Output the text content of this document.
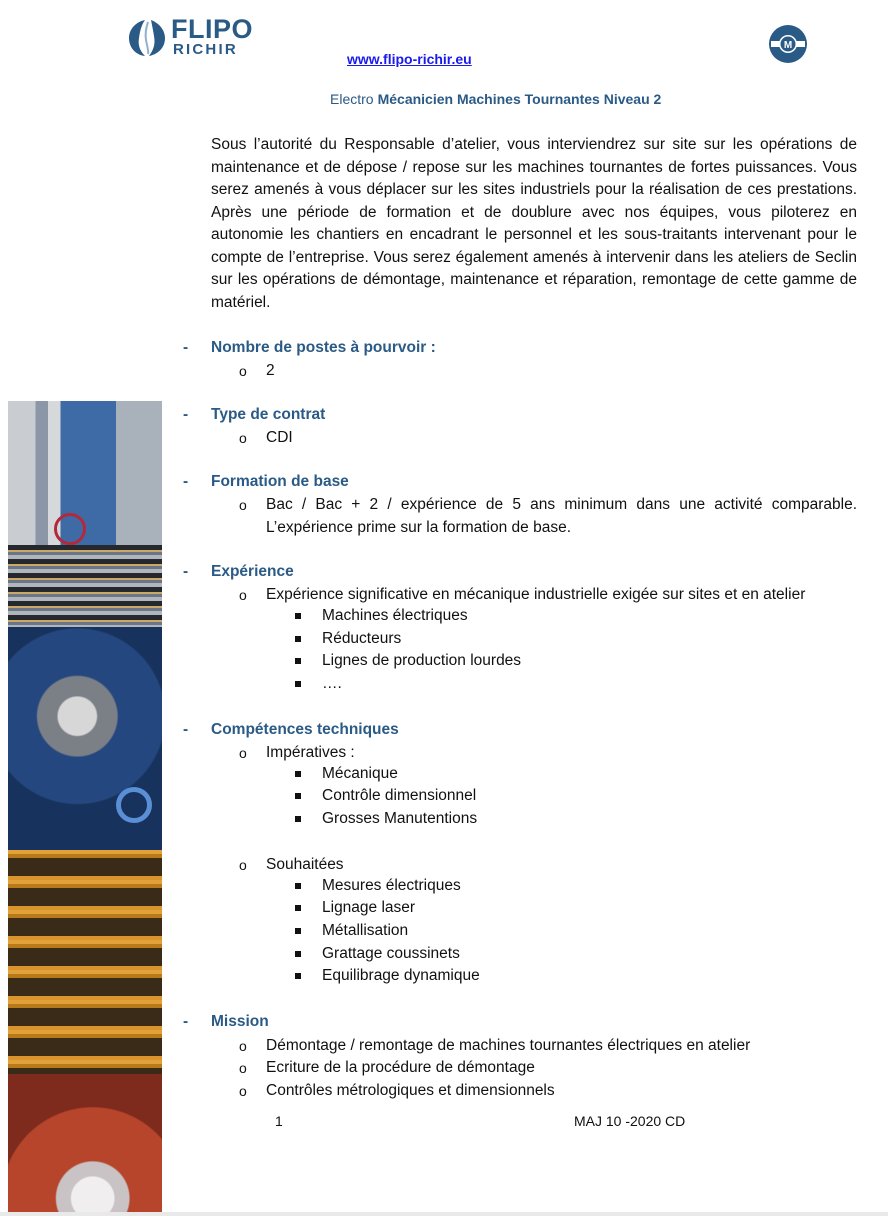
FLIPO
RICHIR
www.flipo-richir.eu
M
Electro Mécanicien Machines Tournantes Niveau 2
Sous l’autorité du Responsable d’atelier, vous interviendrez sur site sur les opérations de maintenance et de dépose / repose sur les machines tournantes de fortes puissances. Vous serez amenés à vous déplacer sur les sites industriels pour la réalisation de ces prestations. Après une période de formation et de doublure avec nos équipes, vous piloterez en autonomie les chantiers en encadrant le personnel et les sous-traitants intervenant pour le compte de l’entreprise. Vous serez également amenés à intervenir dans les ateliers de Seclin sur les opérations de démontage, maintenance et réparation, remontage de cette gamme de matériel.
- Nombre de postes à pourvoir :
o 2
- Type de contrat
o CDI
- Formation de base
o Bac / Bac + 2 / expérience de 5 ans minimum dans une activité comparable. L’expérience prime sur la formation de base.
- Expérience
o Expérience significative en mécanique industrielle exigée sur sites et en atelier
Machines électriques
Réducteurs
Lignes de production lourdes
….
- Compétences techniques
o Impératives :
Mécanique
Contrôle dimensionnel
Grosses Manutentions
o Souhaitées
Mesures électriques
Lignage laser
Métallisation
Grattage coussinets
Equilibrage dynamique
- Mission
o Démontage / remontage de machines tournantes électriques en atelier
o Ecriture de la procédure de démontage
o Contrôles métrologiques et dimensionnels
1	MAJ 10 -2020 CD
